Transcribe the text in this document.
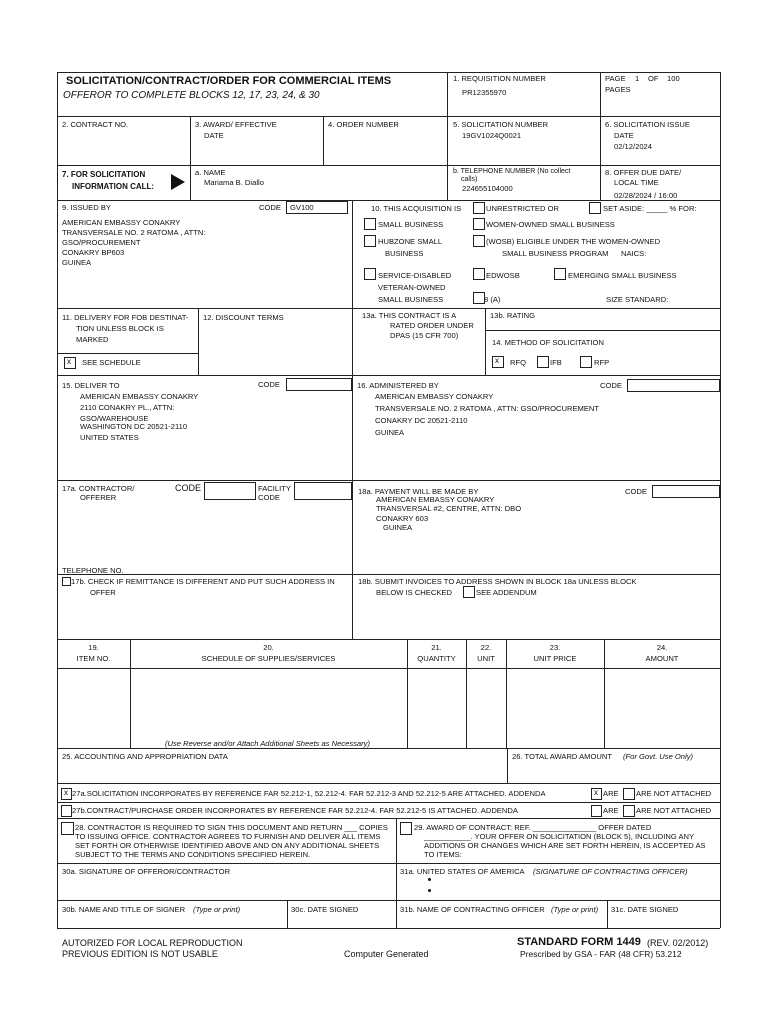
SOLICITATION/CONTRACT/ORDER FOR COMMERCIAL ITEMS
OFFEROR TO COMPLETE BLOCKS 12, 17, 23, 24, & 30
1. REQUISITION NUMBER
PR12355970
PAGE 1 OF 100
PAGES
2. CONTRACT NO.	3. AWARD/ EFFECTIVE
DATE
4. ORDER NUMBER	5. SOLICITATION NUMBER
19GV1024Q0021
6. SOLICITATION ISSUE
DATE
02/12/2024
7. FOR SOLICITATION
INFORMATION CALL:
a. NAME
Mariama B. Diallo
b. TELEPHONE NUMBER (No collect
calls)
224655104000
8. OFFER DUE DATE/
LOCAL TIME
02/28/2024 / 16:00
9. ISSUED BY	CODE GV100
AMERICAN EMBASSY CONAKRY
TRANSVERSALE NO. 2 RATOMA , ATTN:
GSO/PROCUREMENT
CONAKRY BP603
GUINEA
10. THIS ACQUISITION IS	UNRESTRICTED OR	SET ASIDE: _____ % FOR:
SMALL BUSINESS	WOMEN-OWNED SMALL BUSINESS
HUBZONE SMALL
BUSINESS
(WOSB) ELIGIBLE UNDER THE WOMEN-OWNED
SMALL BUSINESS PROGRAM NAICS:
SERVICE-DISABLED
VETERAN-OWNED
SMALL BUSINESS
EDWOSB	EMERGING SMALL BUSINESS
8 (A)	SIZE STANDARD:
11. DELIVERY FOR FOB DESTINAT-
TION UNLESS BLOCK IS
MARKED
x
SEE SCHEDULE
12. DISCOUNT TERMS	13a. THIS CONTRACT IS A
RATED ORDER UNDER
DPAS (15 CFR 700)
13b. RATING
14. METHOD OF SOLICITATION
x
RFQ	IFB	RFP
15. DELIVER TO	CODE
AMERICAN EMBASSY CONAKRY
2110 CONAKRY PL., ATTN:
GSO/WAREHOUSE
WASHINGTON DC 20521-2110
UNITED STATES
16. ADMINISTERED BY	CODE
AMERICAN EMBASSY CONAKRY
TRANSVERSALE NO. 2 RATOMA , ATTN: GSO/PROCUREMENT
CONAKRY DC 20521-2110
GUINEA
17a. CONTRACTOR/
OFFERER
CODE	FACILITY
CODE
TELEPHONE NO.
17b. CHECK IF REMITTANCE IS DIFFERENT AND PUT SUCH ADDRESS IN
OFFER
18a. PAYMENT WILL BE MADE BY	CODE
AMERICAN EMBASSY CONAKRY
TRANSVERSAL #2, CENTRE, ATTN: DBO
CONAKRY 603
GUINEA
18b. SUBMIT INVOICES TO ADDRESS SHOWN IN BLOCK 18a UNLESS BLOCK
BELOW IS CHECKED	SEE ADDENDUM
19.
ITEM NO.
20.
SCHEDULE OF SUPPLIES/SERVICES
21.
QUANTITY
22.
UNIT
23.
UNIT PRICE
24.
AMOUNT
(Use Reverse and/or Attach Additional Sheets as Necessary)
25. ACCOUNTING AND APPROPRIATION DATA	26. TOTAL AWARD AMOUNT (For Govt. Use Only)
x
27a.SOLICITATION INCORPORATES BY REFERENCE FAR 52.212-1, 52.212-4. FAR 52.212-3 AND 52.212-5 ARE ATTACHED. ADDENDA
x	ARE ARE NOT ATTACHED
27b.CONTRACT/PURCHASE ORDER INCORPORATES BY REFERENCE FAR 52.212-4. FAR 52.212-5 IS ATTACHED. ADDENDA	ARE ARE NOT ATTACHED
28. CONTRACTOR IS REQUIRED TO SIGN THIS DOCUMENT AND RETURN ___ COPIES
TO ISSUING OFFICE. CONTRACTOR AGREES TO FURNISH AND DELIVER ALL ITEMS
SET FORTH OR OTHERWISE IDENTIFIED ABOVE AND ON ANY ADDITIONAL SHEETS
SUBJECT TO THE TERMS AND CONDITIONS SPECIFIED HEREIN.
29. AWARD OF CONTRACT: REF. _______________ OFFER DATED
___________. YOUR OFFER ON SOLICITATION (BLOCK 5), INCLUDING ANY
ADDITIONS OR CHANGES WHICH ARE SET FORTH HEREIN, IS ACCEPTED AS
TO ITEMS:
30a. SIGNATURE OF OFFEROR/CONTRACTOR	31a. UNITED STATES OF AMERICA (SIGNATURE OF CONTRACTING OFFICER)
30b. NAME AND TITLE OF SIGNER (Type or print)	30c. DATE SIGNED	31b. NAME OF CONTRACTING OFFICER (Type or print) 31c. DATE SIGNED
AUTORIZED FOR LOCAL REPRODUCTION
PREVIOUS EDITION IS NOT USABLE	Computer Generated
STANDARD FORM 1449 (REV. 02/2012)
Prescribed by GSA - FAR (48 CFR) 53.212
